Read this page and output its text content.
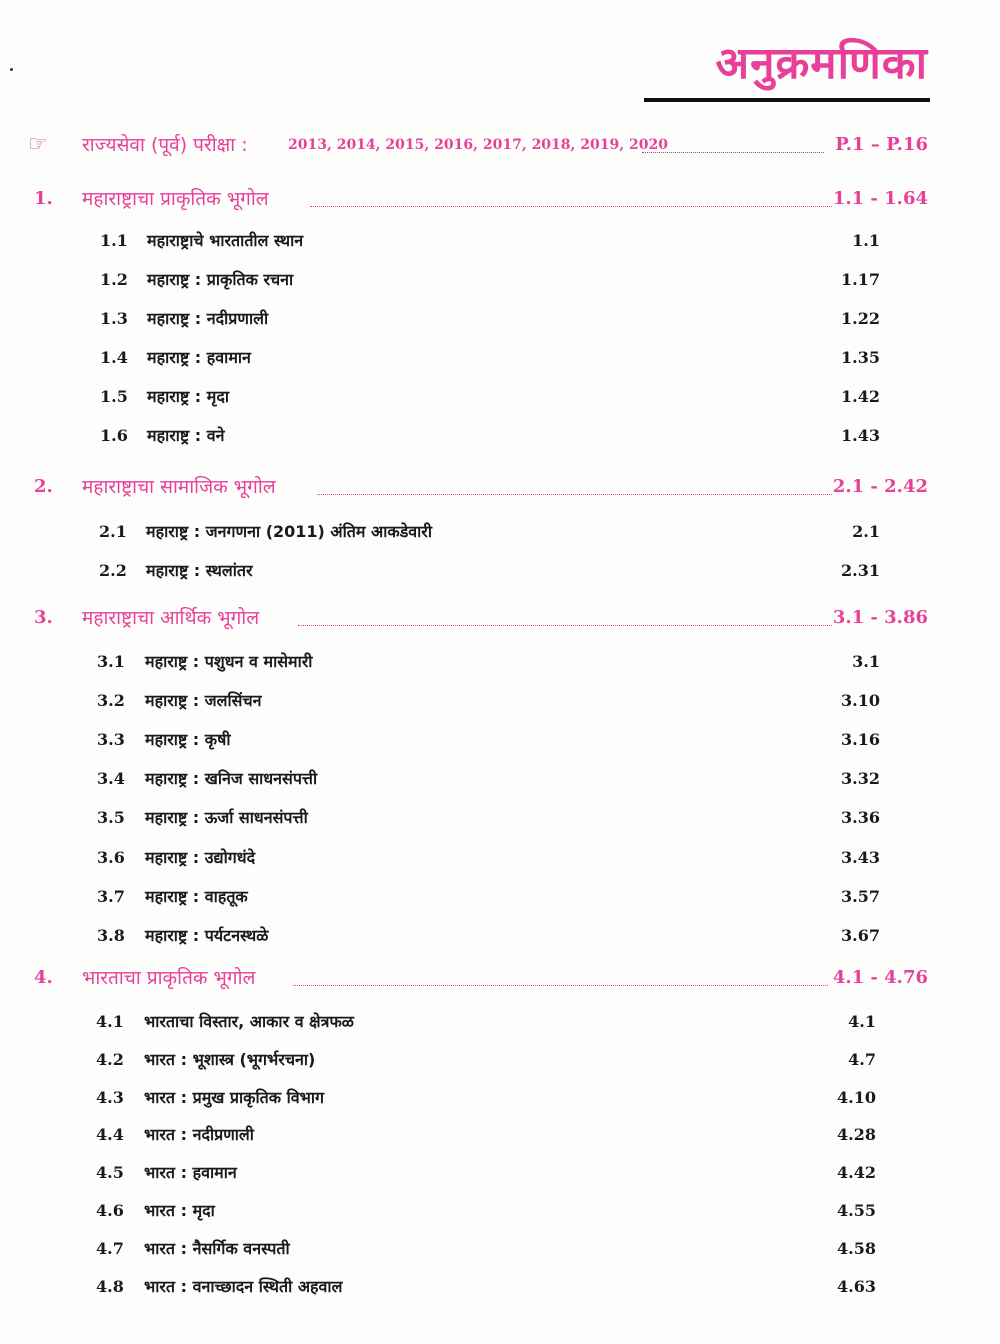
अनुक्रमणिका
☞ राज्यसेवा (पूर्व) परीक्षा :	2013, 2014, 2015, 2016, 2017, 2018, 2019, 2020	P.1 – P.16
1. महाराष्ट्राचा प्राकृतिक भूगोल	1.1 - 1.64
1.1 महाराष्ट्राचे भारतातील स्थान	1.1
1.2 महाराष्ट्र : प्राकृतिक रचना	1.17
1.3 महाराष्ट्र : नदीप्रणाली	1.22
1.4 महाराष्ट्र : हवामान	1.35
1.5 महाराष्ट्र : मृदा	1.42
1.6 महाराष्ट्र : वने	1.43
2. महाराष्ट्राचा सामाजिक भूगोल	2.1 - 2.42
2.1 महाराष्ट्र : जनगणना (2011) अंतिम आकडेवारी	2.1
2.2 महाराष्ट्र : स्थलांतर	2.31
3. महाराष्ट्राचा आर्थिक भूगोल	3.1 - 3.86
3.1 महाराष्ट्र : पशुधन व मासेमारी	3.1
3.2 महाराष्ट्र : जलसिंचन	3.10
3.3 महाराष्ट्र : कृषी	3.16
3.4 महाराष्ट्र : खनिज साधनसंपत्ती	3.32
3.5 महाराष्ट्र : ऊर्जा साधनसंपत्ती	3.36
3.6 महाराष्ट्र : उद्योगधंदे	3.43
3.7 महाराष्ट्र : वाहतूक	3.57
3.8 महाराष्ट्र : पर्यटनस्थळे	3.67
4. भारताचा प्राकृतिक भूगोल	4.1 - 4.76
4.1 भारताचा विस्तार, आकार व क्षेत्रफळ	4.1
4.2 भारत : भूशास्त्र (भूगर्भरचना)	4.7
4.3 भारत : प्रमुख प्राकृतिक विभाग	4.10
4.4 भारत : नदीप्रणाली	4.28
4.5 भारत : हवामान	4.42
4.6 भारत : मृदा	4.55
4.7 भारत : नैसर्गिक वनस्पती	4.58
4.8 भारत : वनाच्छादन स्थिती अहवाल	4.63
